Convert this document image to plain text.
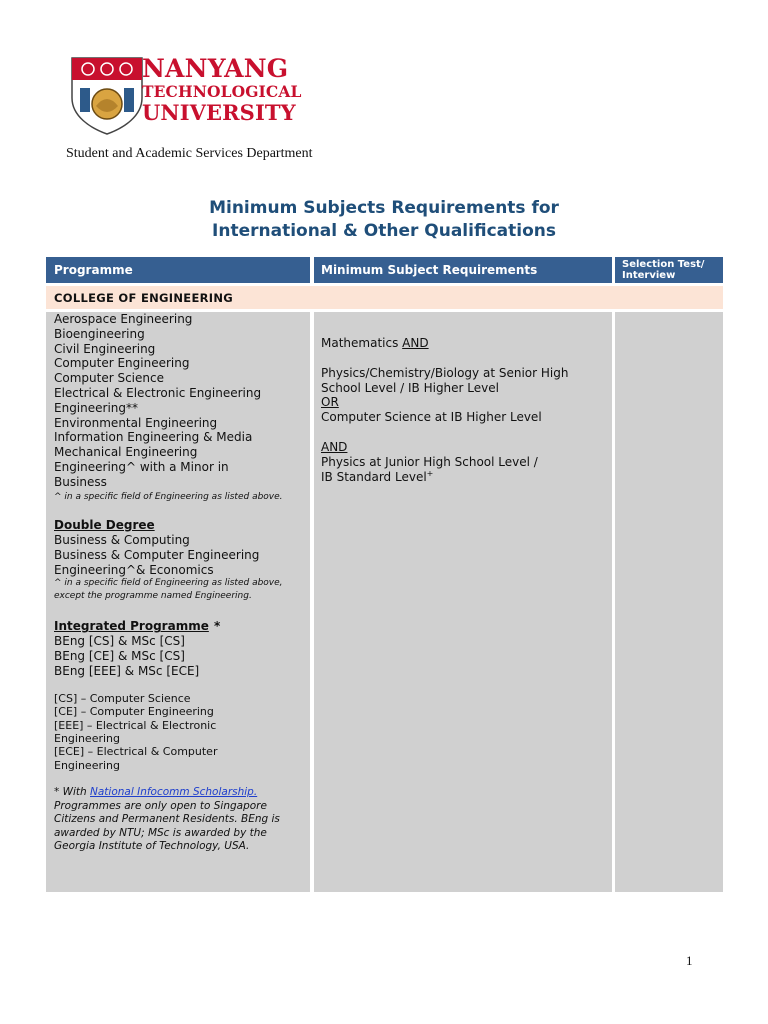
NANYANG
TECHNOLOGICAL
UNIVERSITY
Student and Academic Services Department
Minimum Subjects Requirements for
International & Other Qualifications
Programme	Minimum Subject Requirements	Selection Test/ Interview
COLLEGE OF ENGINEERING
Aerospace Engineering
Bioengineering
Civil Engineering
Computer Engineering
Computer Science
Electrical & Electronic Engineering
Engineering**
Environmental Engineering
Information Engineering & Media
Mechanical Engineering
Engineering^ with a Minor in Business
^ in a specific field of Engineering as listed above.
Double Degree
Business & Computing
Business & Computer Engineering
Engineering^& Economics
^ in a specific field of Engineering as listed above, except the programme named Engineering.
Integrated Programme *
BEng [CS] & MSc [CS]
BEng [CE] & MSc [CS]
BEng [EEE] & MSc [ECE]
[CS] – Computer Science
[CE] – Computer Engineering
[EEE] – Electrical & Electronic Engineering
[ECE] – Electrical & Computer Engineering
* With National Infocomm Scholarship. Programmes are only open to Singapore Citizens and Permanent Residents. BEng is awarded by NTU; MSc is awarded by the Georgia Institute of Technology, USA.
Mathematics AND
Physics/Chemistry/Biology at Senior High
School Level / IB Higher Level
OR
Computer Science at IB Higher Level
AND
Physics at Junior High School Level /
IB Standard Level+
1
